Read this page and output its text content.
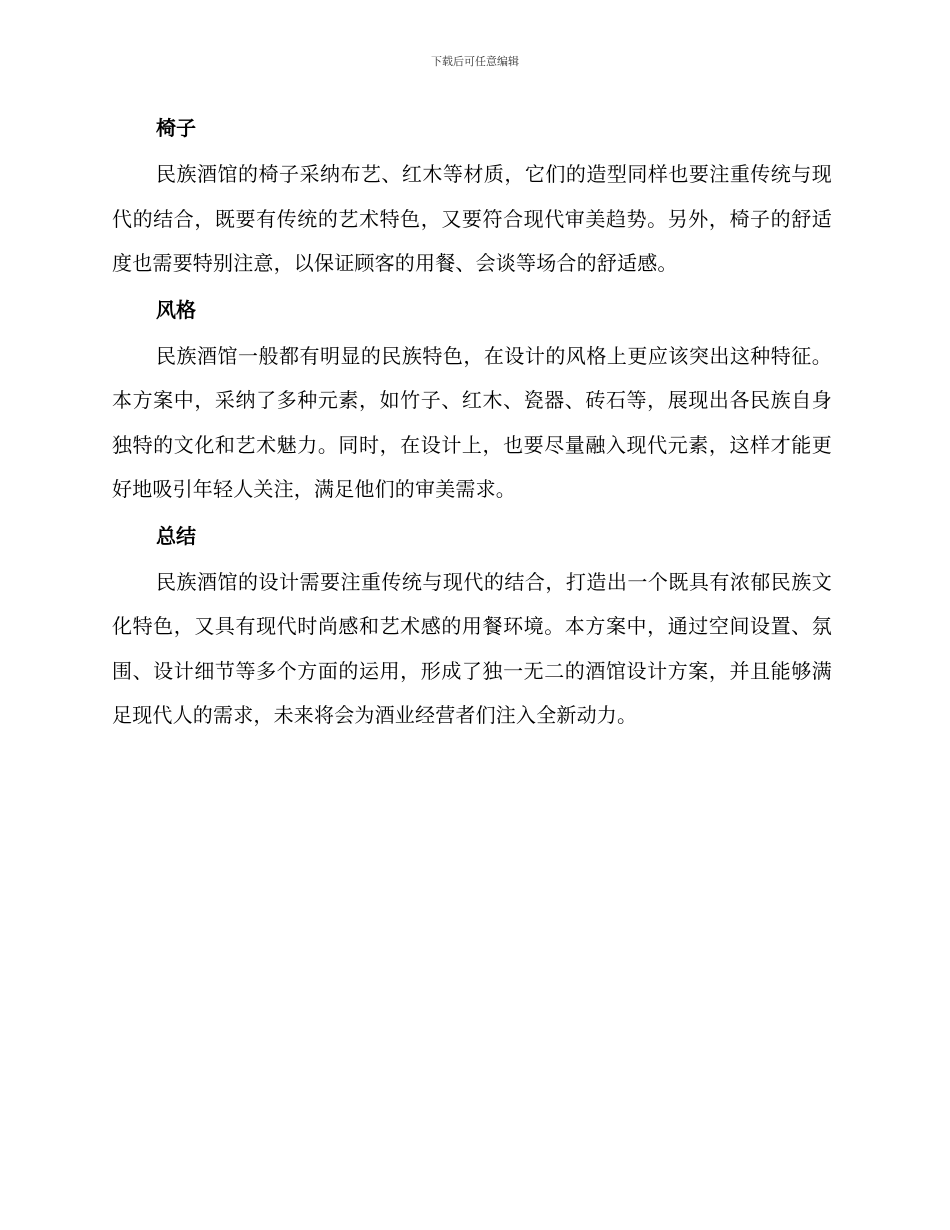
下载后可任意编辑
椅子

民族酒馆的椅子采纳布艺、红木等材质，它们的造型同样也要注重传统与现代的结合，既要有传统的艺术特色，又要符合现代审美趋势。另外，椅子的舒适度也需要特别注意，以保证顾客的用餐、会谈等场合的舒适感。

风格

民族酒馆一般都有明显的民族特色，在设计的风格上更应该突出这种特征。本方案中，采纳了多种元素，如竹子、红木、瓷器、砖石等，展现出各民族自身独特的文化和艺术魅力。同时，在设计上，也要尽量融入现代元素，这样才能更好地吸引年轻人关注，满足他们的审美需求。

总结

民族酒馆的设计需要注重传统与现代的结合，打造出一个既具有浓郁民族文化特色，又具有现代时尚感和艺术感的用餐环境。本方案中，通过空间设置、氛围、设计细节等多个方面的运用，形成了独一无二的酒馆设计方案，并且能够满足现代人的需求，未来将会为酒业经营者们注入全新动力。
